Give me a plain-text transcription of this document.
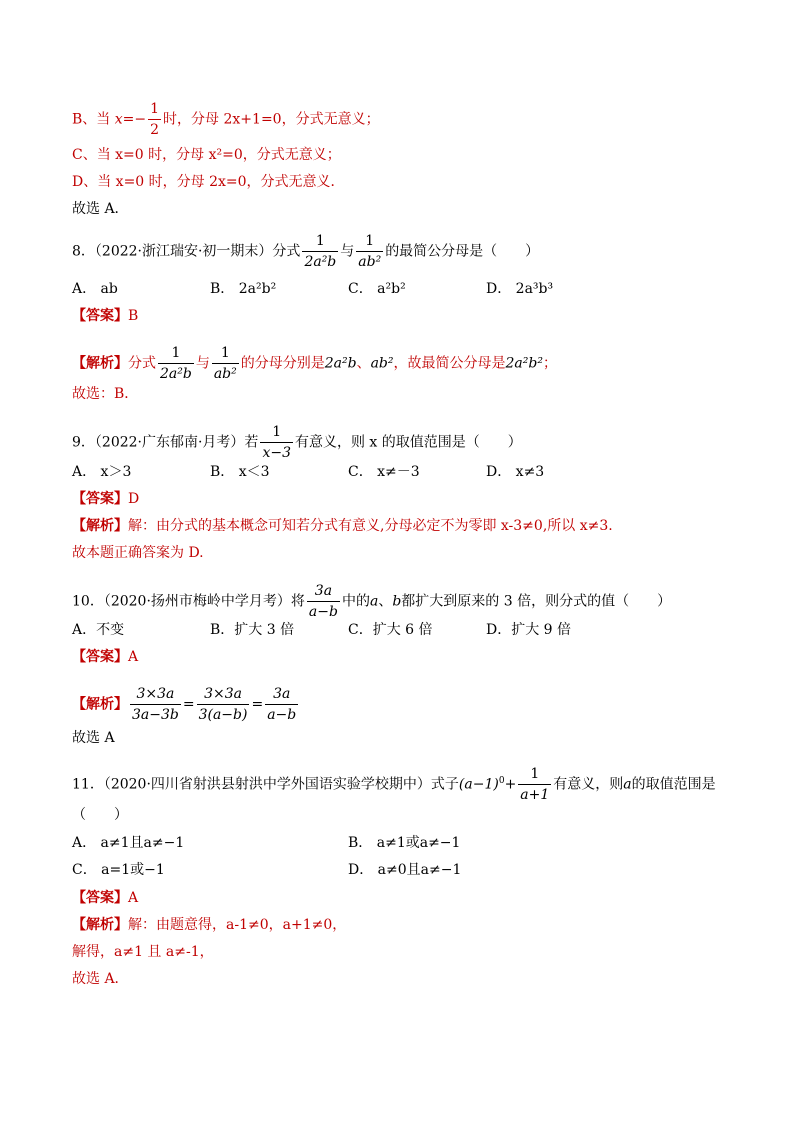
B、当 $x=- \frac{1}{2}$ 时，分母 2x+1=0，分式无意义；
C、当 x=0 时，分母 x²=0，分式无意义；
D、当 x=0 时，分母 2x=0，分式无意义．
故选 A．
8．（2022·浙江瑞安·初一期末）分式 $\frac{1}{\text{2a²b}}$ 与 $\frac{1}{\text{ab²}}$ 的最简公分母是（　　）
A． ab	B． 2a²b²	C． a²b²	D． 2a³b³
【答案】B
【解析】分式 $\frac{1}{\text{2a²b}}$ 与 $\frac{1}{\text{ab²}}$ 的分母分别是2a²b、ab²，故最简公分母是2a²b²；
故选：B．
9．（2022·广东郁南·月考）若 $\frac{1}{x-3}$ 有意义，则 x 的取值范围是（　　）
A． x＞3	B． x＜3	C． x≠－3	D． x≠3
【答案】D
【解析】解：由分式的基本概念可知若分式有意义,分母必定不为零即 x-3≠0,所以 x≠3.
故本题正确答案为 D.
10．（2020·扬州市梅岭中学月考）将 $\frac{3a}{a-b}$ 中的a、b都扩大到原来的 3 倍，则分式的值（　　）
A．不变	B．扩大 3 倍	C．扩大 6 倍	D．扩大 9 倍
【答案】A
【解析】 $\frac{3\times 3a}{3a-3b} = \frac{3\times 3a}{3(a-b)} = \frac{3a}{a-b}$
故选 A
11．（2020·四川省射洪县射洪中学外国语实验学校期中）式子$(a-1)^0+ \frac{1}{a+1}$ 有意义，则a的取值范围是
（　　）
A． a≠1且a≠−1	B． a≠1或a≠−1
C． a=1或−1	D． a≠0且a≠−1
【答案】A
【解析】解：由题意得，a-1≠0，a+1≠0，
解得，a≠1 且 a≠-1，
故选 A．
